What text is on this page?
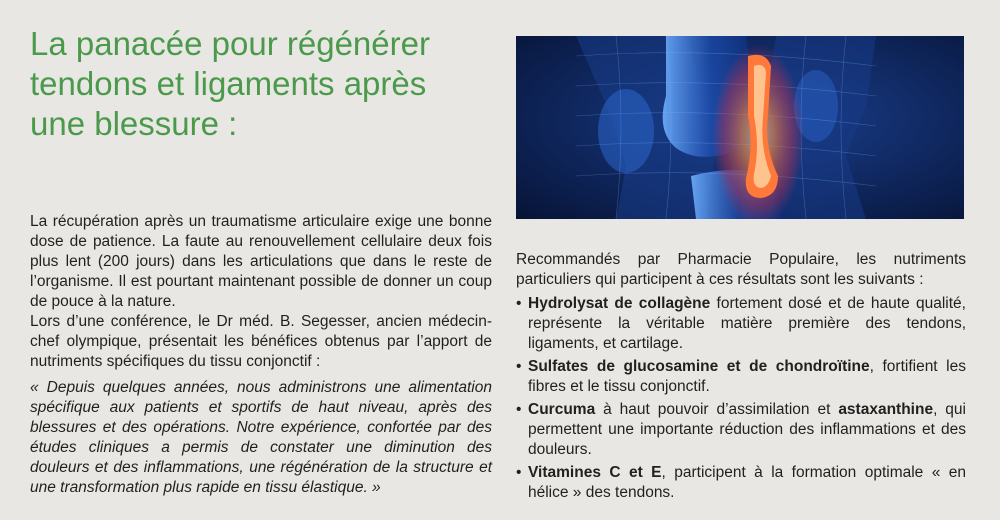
La panacée pour régénérer tendons et ligaments après une blessure :

La récupération après un traumatisme articulaire exige une bonne dose de patience. La faute au renouvellement cellulaire deux fois plus lent (200 jours) dans les articulations que dans le reste de l’organisme. Il est pourtant maintenant possible de donner un coup de pouce à la nature.

Lors d’une conférence, le Dr méd. B. Segesser, ancien médecin-chef olympique, présentait les bénéfices obtenus par l’apport de nutriments spécifiques du tissu conjonctif :

« Depuis quelques années, nous administrons une alimentation spécifique aux patients et sportifs de haut niveau, après des blessures et des opérations. Notre expérience, confortée par des études cliniques a permis de constater une diminution des douleurs et des inflammations, une régénération de la structure et une transformation plus rapide en tissu élastique. »

Recommandés par Pharmacie Populaire, les nutriments particuliers qui participent à ces résultats sont les suivants :

• Hydrolysat de collagène fortement dosé et de haute qualité, représente la véritable matière première des tendons, ligaments, et cartilage.
• Sulfates de glucosamine et de chondroïtine, fortifient les fibres et le tissu conjonctif.
• Curcuma à haut pouvoir d’assimilation et astaxanthine, qui permettent une importante réduction des inflammations et des douleurs.
• Vitamines C et E, participent à la formation optimale « en hélice » des tendons.
